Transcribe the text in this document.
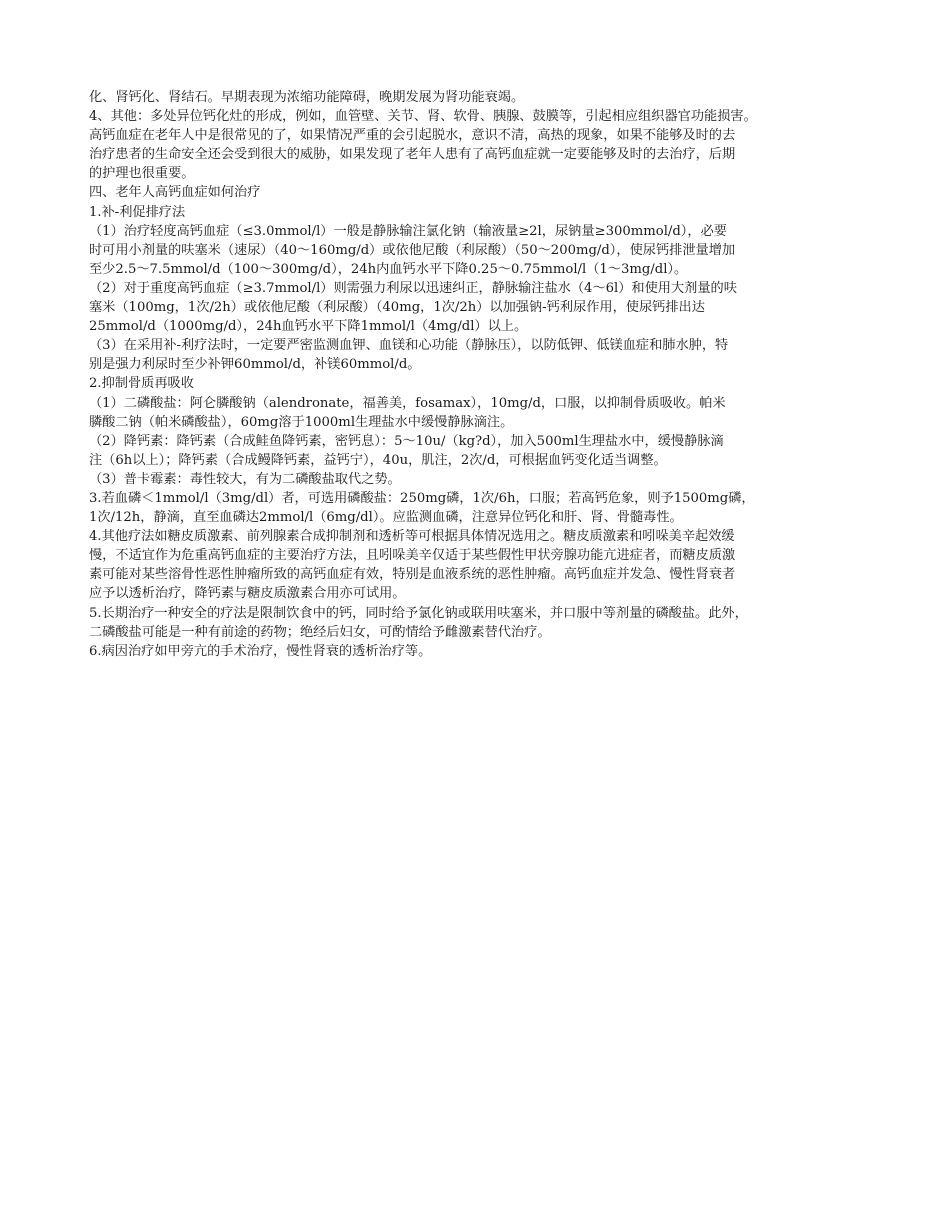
化、肾钙化、肾结石。早期表现为浓缩功能障碍，晚期发展为肾功能衰竭。
4、其他：多处异位钙化灶的形成，例如，血管壁、关节、肾、软骨、胰腺、鼓膜等，引起相应组织器官功能损害。
高钙血症在老年人中是很常见的了，如果情况严重的会引起脱水，意识不清，高热的现象，如果不能够及时的去
治疗患者的生命安全还会受到很大的威胁，如果发现了老年人患有了高钙血症就一定要能够及时的去治疗，后期
的护理也很重要。
四、老年人高钙血症如何治疗
1.补-利促排疗法
（1）治疗轻度高钙血症（≤3.0mmol/l）一般是静脉输注氯化钠（输液量≥2l，尿钠量≥300mmol/d），必要
时可用小剂量的呋塞米（速尿）（40～160mg/d）或依他尼酸（利尿酸）（50～200mg/d），使尿钙排泄量增加
至少2.5～7.5mmol/d（100～300mg/d），24h内血钙水平下降0.25～0.75mmol/l（1～3mg/dl）。
（2）对于重度高钙血症（≥3.7mmol/l）则需强力利尿以迅速纠正，静脉输注盐水（4～6l）和使用大剂量的呋
塞米（100mg，1次/2h）或依他尼酸（利尿酸）（40mg，1次/2h）以加强钠-钙利尿作用，使尿钙排出达
25mmol/d（1000mg/d），24h血钙水平下降1mmol/l（4mg/dl）以上。
（3）在采用补-利疗法时，一定要严密监测血钾、血镁和心功能（静脉压），以防低钾、低镁血症和肺水肿，特
别是强力利尿时至少补钾60mmol/d，补镁60mmol/d。
2.抑制骨质再吸收
（1）二磷酸盐：阿仑膦酸钠（alendronate，福善美，fosamax），10mg/d，口服，以抑制骨质吸收。帕米
膦酸二钠（帕米磷酸盐），60mg溶于1000ml生理盐水中缓慢静脉滴注。
（2）降钙素：降钙素（合成鲑鱼降钙素，密钙息）：5～10u/（kg?d），加入500ml生理盐水中，缓慢静脉滴
注（6h以上）；降钙素（合成鳗降钙素，益钙宁），40u，肌注，2次/d，可根据血钙变化适当调整。
（3）普卡霉素：毒性较大，有为二磷酸盐取代之势。
3.若血磷＜1mmol/l（3mg/dl）者，可选用磷酸盐：250mg磷，1次/6h，口服；若高钙危象，则予1500mg磷，
1次/12h，静滴，直至血磷达2mmol/l（6mg/dl）。应监测血磷，注意异位钙化和肝、肾、骨髓毒性。
4.其他疗法如糖皮质激素、前列腺素合成抑制剂和透析等可根据具体情况选用之。糖皮质激素和吲哚美辛起效缓
慢，不适宜作为危重高钙血症的主要治疗方法，且吲哚美辛仅适于某些假性甲状旁腺功能亢进症者，而糖皮质激
素可能对某些溶骨性恶性肿瘤所致的高钙血症有效，特别是血液系统的恶性肿瘤。高钙血症并发急、慢性肾衰者
应予以透析治疗，降钙素与糖皮质激素合用亦可试用。
5.长期治疗一种安全的疗法是限制饮食中的钙，同时给予氯化钠或联用呋塞米，并口服中等剂量的磷酸盐。此外，
二磷酸盐可能是一种有前途的药物；绝经后妇女，可酌情给予雌激素替代治疗。
6.病因治疗如甲旁亢的手术治疗，慢性肾衰的透析治疗等。
